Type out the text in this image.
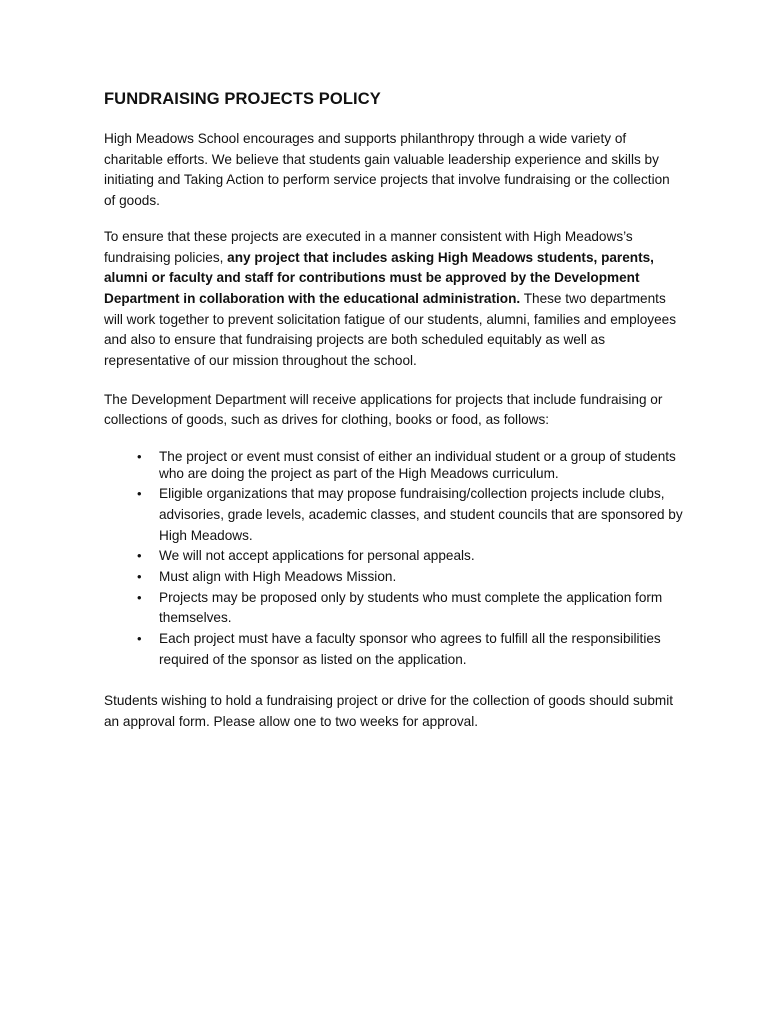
FUNDRAISING PROJECTS POLICY

High Meadows School encourages and supports philanthropy through a wide variety of charitable efforts. We believe that students gain valuable leadership experience and skills by initiating and Taking Action to perform service projects that involve fundraising or the collection of goods.

To ensure that these projects are executed in a manner consistent with High Meadows’s fundraising policies, any project that includes asking High Meadows students, parents, alumni or faculty and staff for contributions must be approved by the Development Department in collaboration with the educational administration. These two departments will work together to prevent solicitation fatigue of our students, alumni, families and employees and also to ensure that fundraising projects are both scheduled equitably as well as representative of our mission throughout the school.

The Development Department will receive applications for projects that include fundraising or collections of goods, such as drives for clothing, books or food, as follows:

• The project or event must consist of either an individual student or a group of students who are doing the project as part of the High Meadows curriculum.
• Eligible organizations that may propose fundraising/collection projects include clubs, advisories, grade levels, academic classes, and student councils that are sponsored by High Meadows.
• We will not accept applications for personal appeals.
• Must align with High Meadows Mission.
• Projects may be proposed only by students who must complete the application form themselves.
• Each project must have a faculty sponsor who agrees to fulfill all the responsibilities required of the sponsor as listed on the application.

Students wishing to hold a fundraising project or drive for the collection of goods should submit an approval form. Please allow one to two weeks for approval.
